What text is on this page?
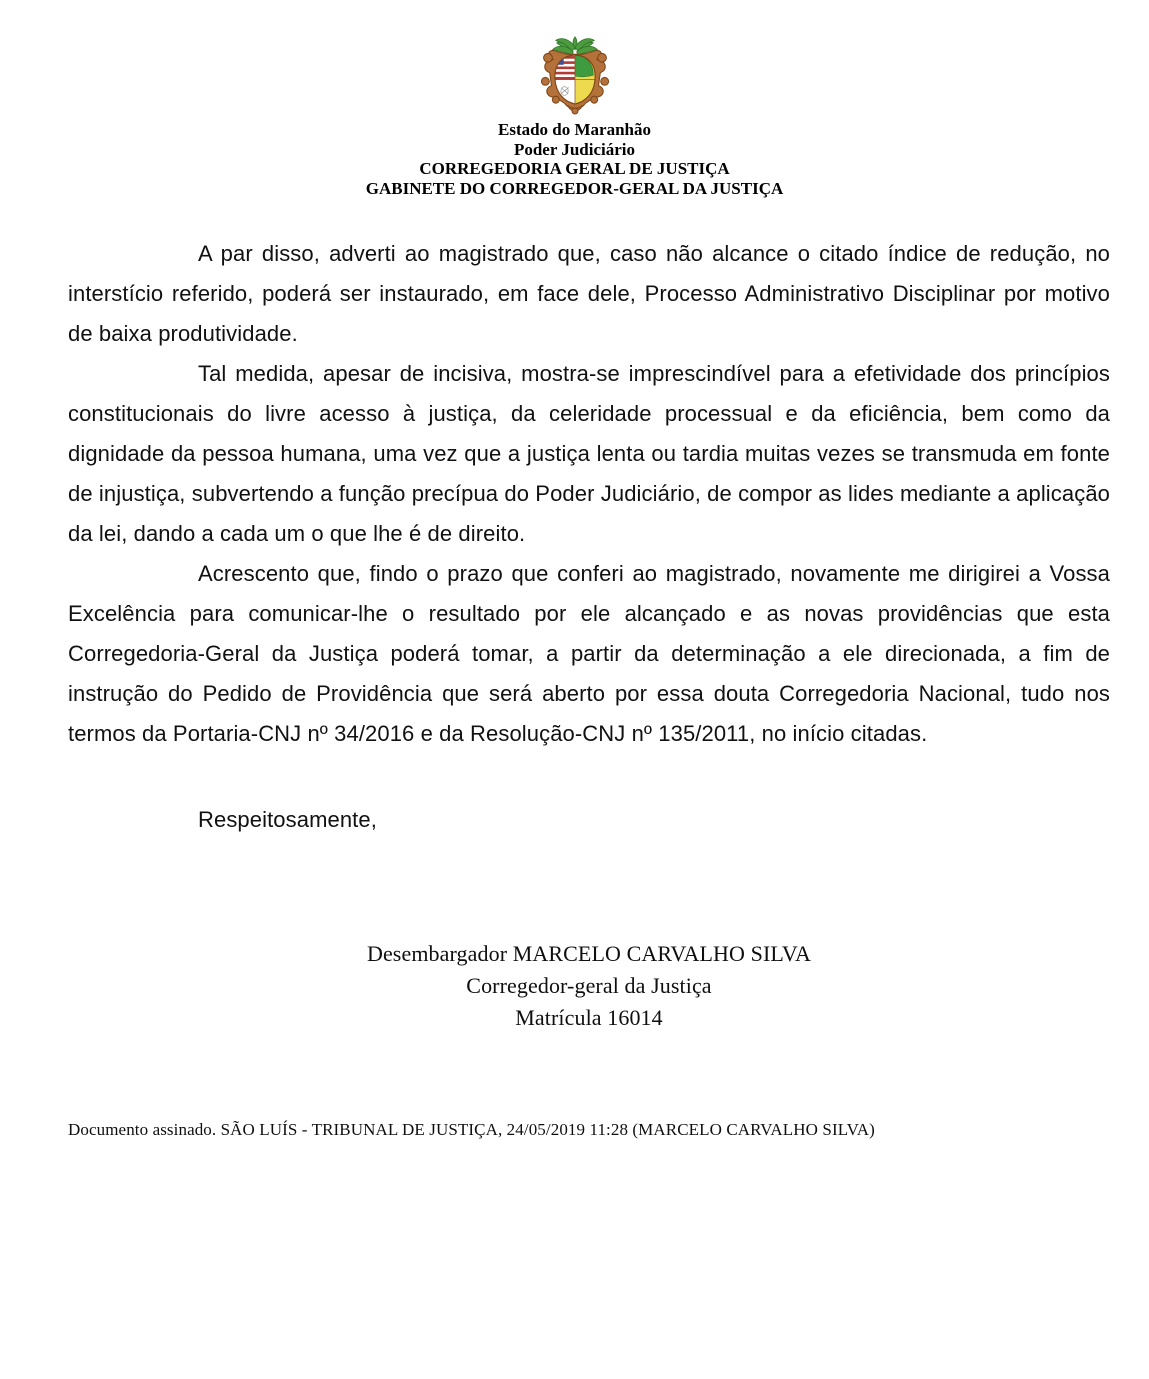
Estado do Maranhão
Poder Judiciário
CORREGEDORIA GERAL DE JUSTIÇA
GABINETE DO CORREGEDOR-GERAL DA JUSTIÇA

A par disso, adverti ao magistrado que, caso não alcance o citado índice de redução, no interstício referido, poderá ser instaurado, em face dele, Processo Administrativo Disciplinar por motivo de baixa produtividade.

Tal medida, apesar de incisiva, mostra-se imprescindível para a efetividade dos princípios constitucionais do livre acesso à justiça, da celeridade processual e da eficiência, bem como da dignidade da pessoa humana, uma vez que a justiça lenta ou tardia muitas vezes se transmuda em fonte de injustiça, subvertendo a função precípua do Poder Judiciário, de compor as lides mediante a aplicação da lei, dando a cada um o que lhe é de direito.

Acrescento que, findo o prazo que conferi ao magistrado, novamente me dirigirei a Vossa Excelência para comunicar-lhe o resultado por ele alcançado e as novas providências que esta Corregedoria-Geral da Justiça poderá tomar, a partir da determinação a ele direcionada, a fim de instrução do Pedido de Providência que será aberto por essa douta Corregedoria Nacional, tudo nos termos da Portaria-CNJ nº 34/2016 e da Resolução-CNJ nº 135/2011, no início citadas.

Respeitosamente,

Desembargador MARCELO CARVALHO SILVA
Corregedor-geral da Justiça
Matrícula 16014
Documento assinado. SÃO LUÍS - TRIBUNAL DE JUSTIÇA, 24/05/2019 11:28 (MARCELO CARVALHO SILVA)
